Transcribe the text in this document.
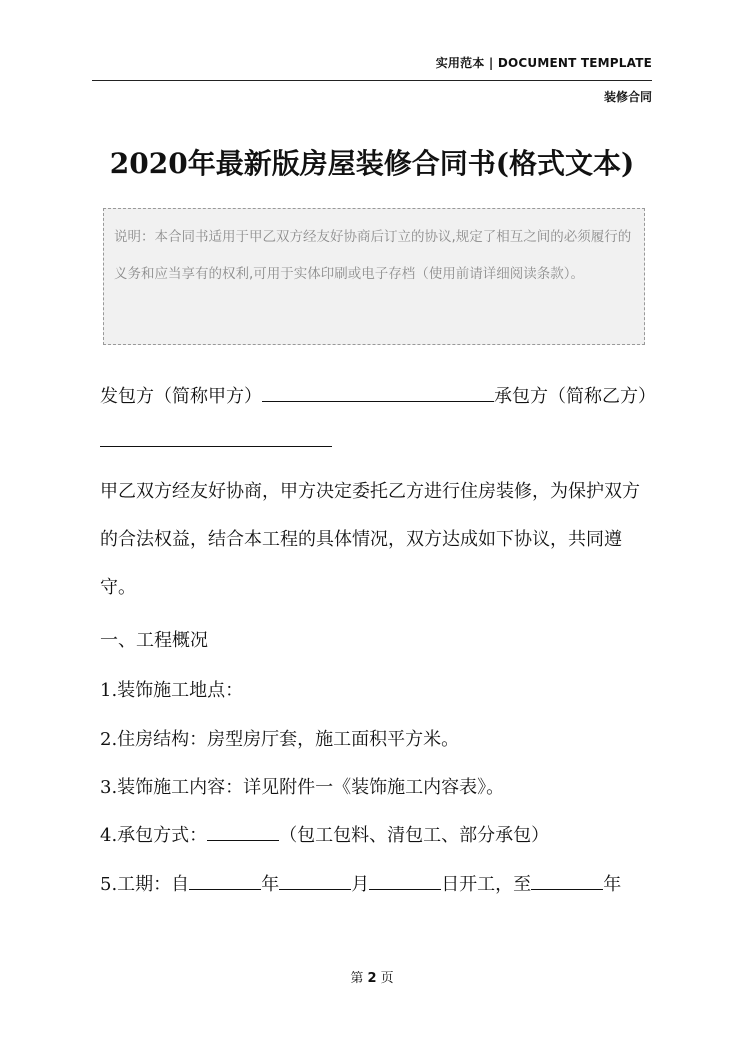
实用范本 | DOCUMENT TEMPLATE
装修合同
2020年最新版房屋装修合同书(格式文本)
说明：本合同书适用于甲乙双方经友好协商后订立的协议,规定了相互之间的必须履行的义务和应当享有的权利,可用于实体印刷或电子存档（使用前请详细阅读条款）。
发包方（简称甲方）	承包方（简称乙方）
甲乙双方经友好协商，甲方决定委托乙方进行住房装修，为保护双方的合法权益，结合本工程的具体情况，双方达成如下协议，共同遵守。
一、工程概况
1.装饰施工地点：
2.住房结构：房型房厅套，施工面积平方米。
3.装饰施工内容：详见附件一《装饰施工内容表》。
4.承包方式：	（包工包料、清包工、部分承包）
5.工期：自	年	月	日开工，至	年
第 2 页
